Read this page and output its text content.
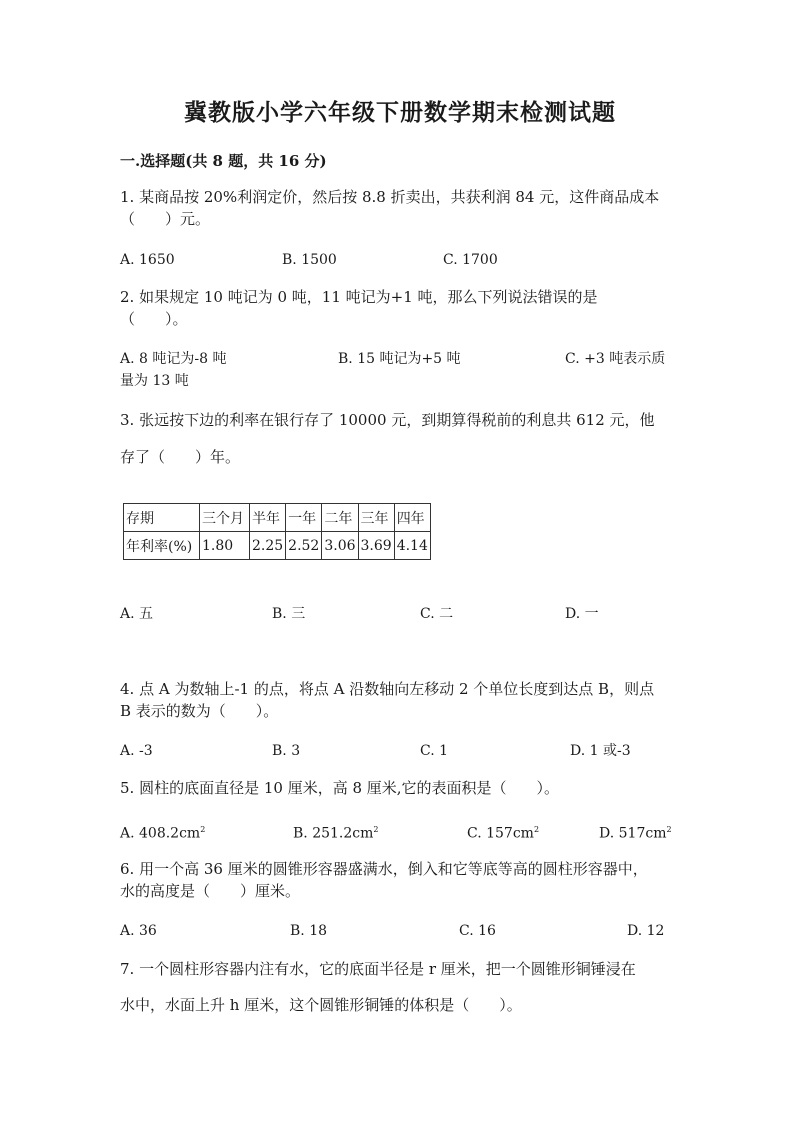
冀教版小学六年级下册数学期末检测试题
一.选择题(共 8 题，共 16 分)
1. 某商品按 20%利润定价，然后按 8.8 折卖出，共获利润 84 元，这件商品成本
（　　）元。
A. 1650	B. 1500	C. 1700
2. 如果规定 10 吨记为 0 吨，11 吨记为+1 吨，那么下列说法错误的是
（　　）。
A. 8 吨记为-8 吨	B. 15 吨记为+5 吨	C. +3 吨表示质
量为 13 吨
3. 张远按下边的利率在银行存了 10000 元，到期算得税前的利息共 612 元，他
存了（　　）年。
存期	三个月	半年	一年	二年	三年	四年
年利率(%)	1.80	2.25	2.52	3.06	3.69	4.14
A. 五	B. 三	C. 二	D. 一
4. 点 A 为数轴上-1 的点，将点 A 沿数轴向左移动 2 个单位长度到达点 B，则点
B 表示的数为（　　）。
A. -3	B. 3	C. 1	D. 1 或-3
5. 圆柱的底面直径是 10 厘米，高 8 厘米,它的表面积是（　　）。
A. $408.2cm^2$	B. $251.2cm^2$	C. $157cm^2$	D. $517cm^2$
6. 用一个高 36 厘米的圆锥形容器盛满水，倒入和它等底等高的圆柱形容器中，
水的高度是（　　）厘米。
A. 36	B. 18	C. 16	D. 12
7. 一个圆柱形容器内注有水，它的底面半径是 r 厘米，把一个圆锥形铜锤浸在
水中，水面上升 h 厘米，这个圆锥形铜锤的体积是（　　）。
